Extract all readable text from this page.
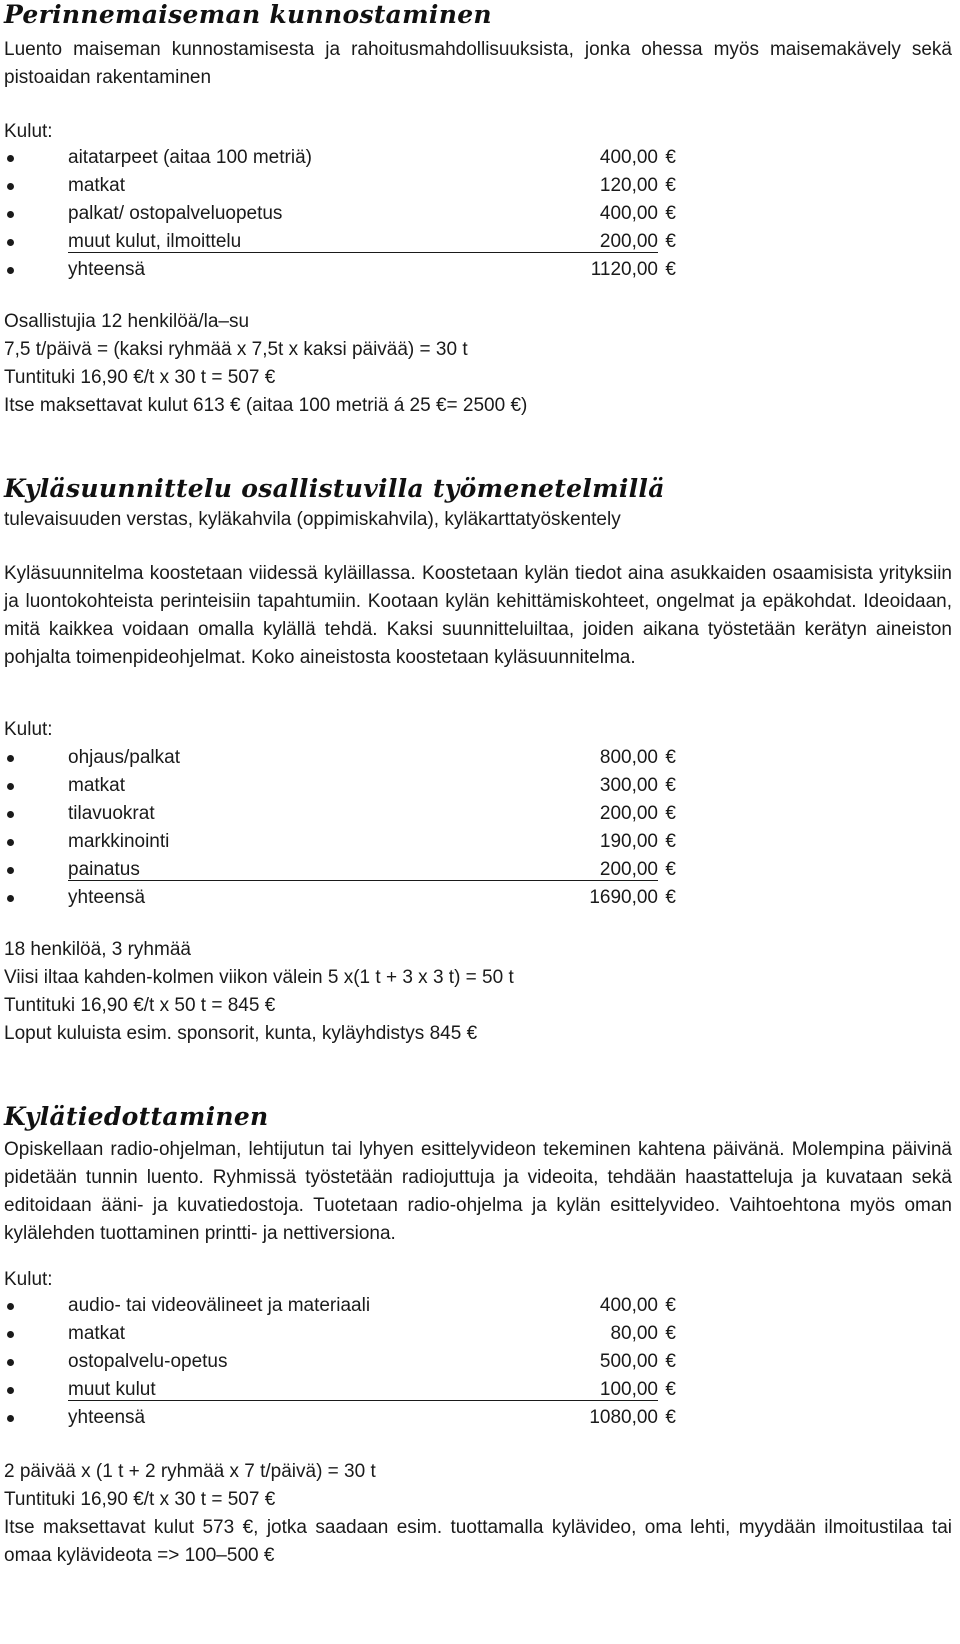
Perinnemaiseman kunnostaminen
Luento maiseman kunnostamisesta ja rahoitusmahdollisuuksista, jonka ohessa myös maisemakävely sekä pistoaidan rakentaminen
Kulut:
aitatarpeet (aitaa 100 metriä)	400,00 €
matkat	120,00 €
palkat/ ostopalveluopetus	400,00 €
muut kulut, ilmoittelu	200,00 €
yhteensä	1120,00 €
Osallistujia 12 henkilöä/la–su
7,5 t/päivä = (kaksi ryhmää x 7,5t x kaksi päivää) = 30 t
Tuntituki 16,90 €/t x 30 t = 507 €
Itse maksettavat kulut 613 € (aitaa 100 metriä á 25 €= 2500 €)
Kyläsuunnittelu osallistuvilla työmenetelmillä
tulevaisuuden verstas, kyläkahvila (oppimiskahvila), kyläkarttatyöskentely
Kyläsuunnitelma koostetaan viidessä kyläillassa. Koostetaan kylän tiedot aina asukkaiden osaamisista yrityksiin ja luontokohteista perinteisiin tapahtumiin. Kootaan kylän kehittämiskohteet, ongelmat ja epäkohdat. Ideoidaan, mitä kaikkea voidaan omalla kylällä tehdä. Kaksi suunnitteluiltaa, joiden aikana työstetään kerätyn aineiston pohjalta toimenpideohjelmat. Koko aineistosta koostetaan kyläsuunnitelma.
Kulut:
ohjaus/palkat	800,00 €
matkat	300,00 €
tilavuokrat	200,00 €
markkinointi	190,00 €
painatus	200,00 €
yhteensä	1690,00 €
18 henkilöä, 3 ryhmää
Viisi iltaa kahden-kolmen viikon välein 5 x(1 t + 3 x 3 t) = 50 t
Tuntituki 16,90 €/t x 50 t = 845 €
Loput kuluista esim. sponsorit, kunta, kyläyhdistys 845 €
Kylätiedottaminen
Opiskellaan radio-ohjelman, lehtijutun tai lyhyen esittelyvideon tekeminen kahtena päivänä. Molempina päivinä pidetään tunnin luento. Ryhmissä työstetään radiojuttuja ja videoita, tehdään haastatteluja ja kuvataan sekä editoidaan ääni- ja kuvatiedostoja. Tuotetaan radio-ohjelma ja kylän esittelyvideo. Vaihtoehtona myös oman kylälehden tuottaminen printti- ja nettiversiona.
Kulut:
audio- tai videovälineet ja materiaali	400,00 €
matkat	80,00 €
ostopalvelu-opetus	500,00 €
muut kulut	100,00 €
yhteensä	1080,00 €
2 päivää x (1 t + 2 ryhmää x 7 t/päivä) = 30 t
Tuntituki 16,90 €/t x 30 t = 507 €
Itse maksettavat kulut 573 €, jotka saadaan esim. tuottamalla kylävideo, oma lehti, myydään ilmoitustilaa tai omaa kylävideota => 100–500 €
